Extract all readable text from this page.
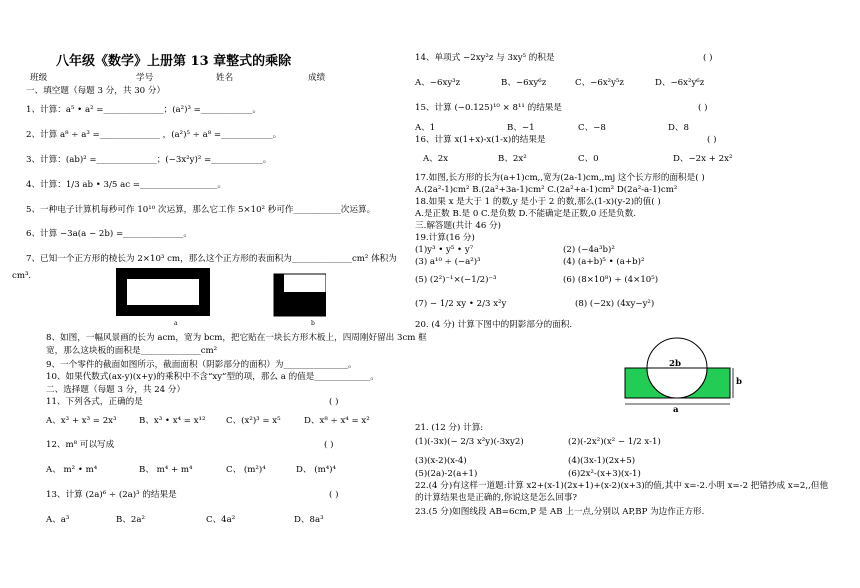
八年级《数学》上册第 13 章整式的乘除
班级	学号	姓名	成绩
一、填空题（每题 3 分，共 30 分）
1、计算：a⁵ • a² =______________；(a²)³ =____________。
2、计算 a⁸ ÷ a³ =______________ ，(a²)⁵ ÷ a⁸ =____________。
3、计算：(ab)² =______________；(−3x²y)² =____________。
4、计算：1/3 ab • 3/5 ac =__________________。
5、一种电子计算机每秒可作 10¹⁰ 次运算，那么它工作 5×10² 秒可作___________次运算。
6、计算 −3a(a − 2b) =______________。
7、已知一个正方形的棱长为 2×10³ cm，那么这个正方形的表面积为______________cm² 体积为
cm³.
a	b
8、如图，一幅风景画的长为 acm，宽为 bcm，把它贴在一块长方形木板上，四周刚好留出 3cm 框
宽，那么这块板的面积是______________cm²
9、一个零件的截面如图所示，截面面积（阴影部分的面积）为_______________。
10、如果代数式(ax-y)(x+y)的乘积中不含“xy”型的项，那么 a 的值是_____________。
二、选择题（每题 3 分，共 24 分）
11、下列各式，正确的是	( )
A、x³ + x³ = 2x³	B、x³ • x⁴ = x¹² C、(x²)³ = x⁵	D、x⁸ ÷ x⁴ = x²
12、m⁸ 可以写成	( )
A、 m² • m⁴	B、 m⁴ + m⁴	C、 (m²)⁴	D、 (m⁴)⁴
13、计算 (2a)⁶ ÷ (2a)³ 的结果是	( )
A、a³	B、2a²	C、4a²	D、8a³
14、单项式 −2xy²z 与 3xy⁵ 的积是	( )
A、−6xy³z	B、−6xy⁶z	C、−6x²y⁵z	D、−6x²y⁶z
15、计算 (−0.125)¹⁰ × 8¹¹ 的结果是	( )
A、1	B、−1	C、−8	D、8
16、计算 x(1+x)-x(1-x)的结果是	( )
A、2x	B、2x²	C、0	D、−2x + 2x²
17.如图,长方形的长为(a+1)cm,,宽为(2a-1)cm,,mj 这个长方形的面积是( )
A.(2a²-1)cm² B.(2a²+3a-1)cm² C.(2a²+a-1)cm² D(2a²-a-1)cm²
18.如果 x 是大于 1 的数,y 是小于 2 的数,那么(1-x)(y-2)的值( )
A.是正数 B.是 0 C.是负数 D.不能确定是正数,0 还是负数.
三.解答题(共计 46 分)
19.计算(16 分)
(1)y³ • y⁵ • y⁷	(2) (−4a³b)²
(3) a¹⁰ ÷ (−a²)³	(4) (a+b)⁵ • (a+b)²
(5) (2²)⁻¹×(−1/2)⁻³	(6) (8×10⁸) ÷ (4×10⁵)
(7) − 1/2 xy • 2/3 x²y	(8) (−2x) (4xy−y²)
20. (4 分) 计算下图中的阴影部分的面积.
2b
a
b
21. (12 分) 计算:
(1)(-3x)(− 2/3 x²y)(-3xy2)	(2)(-2x²)(x² − 1/2 x-1)
(3)(x-2)(x-4)	(4)(3x-1)(2x+5)
(5)(2a)-2(a+1)	(6)2x²-(x+3)(x-1)
22.(4 分)有这样一道题:计算 x2+(x-1)(2x+1)+(x-2)(x+3)的值,其中 x=-2.小明 x=-2 把错抄成 x=2,,但他
的计算结果也是正确的,你说这是怎么回事?
23.(5 分)如图线段 AB=6cm,P 是 AB 上一点,分别以 AP,BP 为边作正方形.
